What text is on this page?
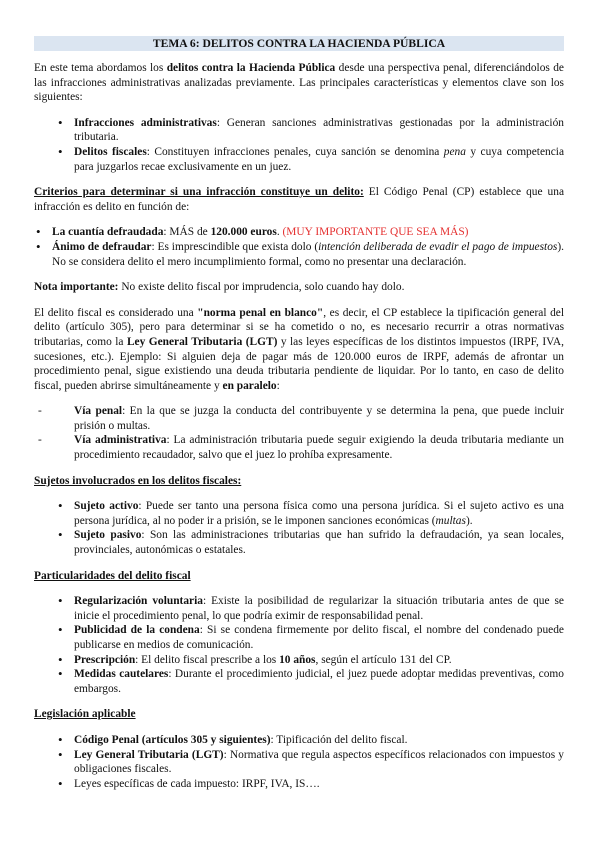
TEMA 6: DELITOS CONTRA LA HACIENDA PÚBLICA

En este tema abordamos los delitos contra la Hacienda Pública desde una perspectiva penal, diferenciándolos de las infracciones administrativas analizadas previamente. Las principales características y elementos clave son los siguientes:

• Infracciones administrativas: Generan sanciones administrativas gestionadas por la administración tributaria.
• Delitos fiscales: Constituyen infracciones penales, cuya sanción se denomina pena y cuya competencia para juzgarlos recae exclusivamente en un juez.

Criterios para determinar si una infracción constituye un delito: El Código Penal (CP) establece que una infracción es delito en función de:

• La cuantía defraudada: MÁS de 120.000 euros. (MUY IMPORTANTE QUE SEA MÁS)
• Ánimo de defraudar: Es imprescindible que exista dolo (intención deliberada de evadir el pago de impuestos). No se considera delito el mero incumplimiento formal, como no presentar una declaración.

Nota importante: No existe delito fiscal por imprudencia, solo cuando hay dolo.

El delito fiscal es considerado una "norma penal en blanco", es decir, el CP establece la tipificación general del delito (artículo 305), pero para determinar si se ha cometido o no, es necesario recurrir a otras normativas tributarias, como la Ley General Tributaria (LGT) y las leyes específicas de los distintos impuestos (IRPF, IVA, sucesiones, etc.). Ejemplo: Si alguien deja de pagar más de 120.000 euros de IRPF, además de afrontar un procedimiento penal, sigue existiendo una deuda tributaria pendiente de liquidar. Por lo tanto, en caso de delito fiscal, pueden abrirse simultáneamente y en paralelo:

- Vía penal: En la que se juzga la conducta del contribuyente y se determina la pena, que puede incluir prisión o multas.
- Vía administrativa: La administración tributaria puede seguir exigiendo la deuda tributaria mediante un procedimiento recaudador, salvo que el juez lo prohíba expresamente.

Sujetos involucrados en los delitos fiscales:

• Sujeto activo: Puede ser tanto una persona física como una persona jurídica. Si el sujeto activo es una persona jurídica, al no poder ir a prisión, se le imponen sanciones económicas (multas).
• Sujeto pasivo: Son las administraciones tributarias que han sufrido la defraudación, ya sean locales, provinciales, autonómicas o estatales.

Particularidades del delito fiscal

• Regularización voluntaria: Existe la posibilidad de regularizar la situación tributaria antes de que se inicie el procedimiento penal, lo que podría eximir de responsabilidad penal.
• Publicidad de la condena: Si se condena firmemente por delito fiscal, el nombre del condenado puede publicarse en medios de comunicación.
• Prescripción: El delito fiscal prescribe a los 10 años, según el artículo 131 del CP.
• Medidas cautelares: Durante el procedimiento judicial, el juez puede adoptar medidas preventivas, como embargos.

Legislación aplicable

• Código Penal (artículos 305 y siguientes): Tipificación del delito fiscal.
• Ley General Tributaria (LGT): Normativa que regula aspectos específicos relacionados con impuestos y obligaciones fiscales.
• Leyes específicas de cada impuesto: IRPF, IVA, IS….
